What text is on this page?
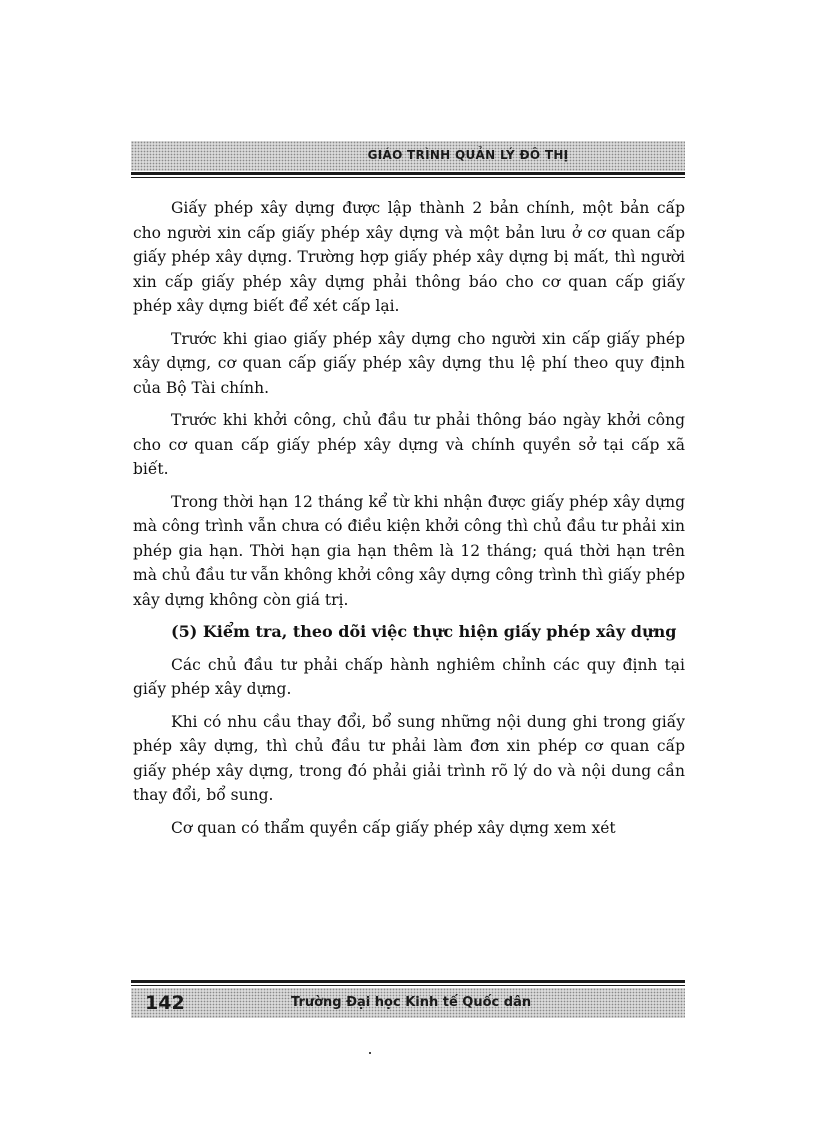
GIÁO TRÌNH QUẢN LÝ ĐÔ THỊ

Giấy phép xây dựng được lập thành 2 bản chính, một bản cấp cho người xin cấp giấy phép xây dựng và một bản lưu ở cơ quan cấp giấy phép xây dựng. Trường hợp giấy phép xây dựng bị mất, thì người xin cấp giấy phép xây dựng phải thông báo cho cơ quan cấp giấy phép xây dựng biết để xét cấp lại.

Trước khi giao giấy phép xây dựng cho người xin cấp giấy phép xây dựng, cơ quan cấp giấy phép xây dựng thu lệ phí theo quy định của Bộ Tài chính.

Trước khi khởi công, chủ đầu tư phải thông báo ngày khởi công cho cơ quan cấp giấy phép xây dựng và chính quyền sở tại cấp xã biết.

Trong thời hạn 12 tháng kể từ khi nhận được giấy phép xây dựng mà công trình vẫn chưa có điều kiện khởi công thì chủ đầu tư phải xin phép gia hạn. Thời hạn gia hạn thêm là 12 tháng; quá thời hạn trên mà chủ đầu tư vẫn không khởi công xây dựng công trình thì giấy phép xây dựng không còn giá trị.

(5) Kiểm tra, theo dõi việc thực hiện giấy phép xây dựng

Các chủ đầu tư phải chấp hành nghiêm chỉnh các quy định tại giấy phép xây dựng.

Khi có nhu cầu thay đổi, bổ sung những nội dung ghi trong giấy phép xây dựng, thì chủ đầu tư phải làm đơn xin phép cơ quan cấp giấy phép xây dựng, trong đó phải giải trình rõ lý do và nội dung cần thay đổi, bổ sung.

Cơ quan có thẩm quyền cấp giấy phép xây dựng xem xét

142	Trường Đại học Kinh tế Quốc dân
